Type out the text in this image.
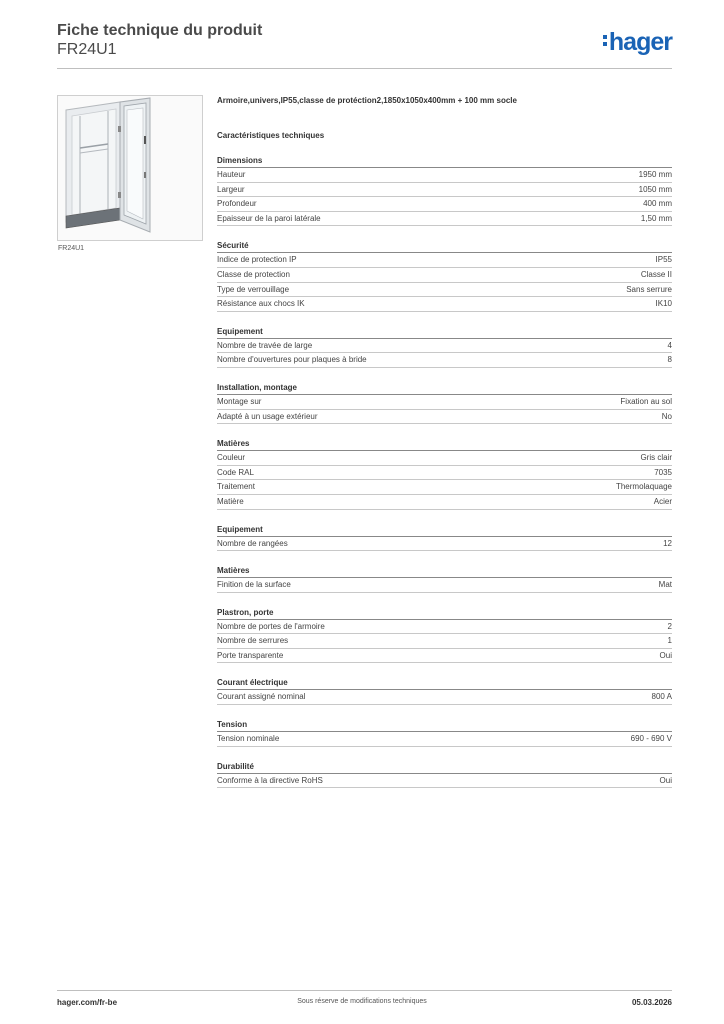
Fiche technique du produit
FR24U1	hager
FR24U1
Armoire,univers,IP55,classe de protéction2,1850x1050x400mm + 100 mm socle
Caractéristiques techniques
Dimensions
Hauteur	1950 mm
Largeur	1050 mm
Profondeur	400 mm
Epaisseur de la paroi latérale	1,50 mm
Sécurité
Indice de protection IP	IP55
Classe de protection	Classe II
Type de verrouillage	Sans serrure
Résistance aux chocs IK	IK10
Equipement
Nombre de travée de large	4
Nombre d'ouvertures pour plaques à bride	8
Installation, montage
Montage sur	Fixation au sol
Adapté à un usage extérieur	No
Matières
Couleur	Gris clair
Code RAL	7035
Traitement	Thermolaquage
Matière	Acier
Equipement
Nombre de rangées	12
Matières
Finition de la surface	Mat
Plastron, porte
Nombre de portes de l'armoire	2
Nombre de serrures	1
Porte transparente	Oui
Courant électrique
Courant assigné nominal	800 A
Tension
Tension nominale	690 - 690 V
Durabilité
Conforme à la directive RoHS	Oui
hager.com/fr-be	Sous réserve de modifications techniques	05.03.2026
